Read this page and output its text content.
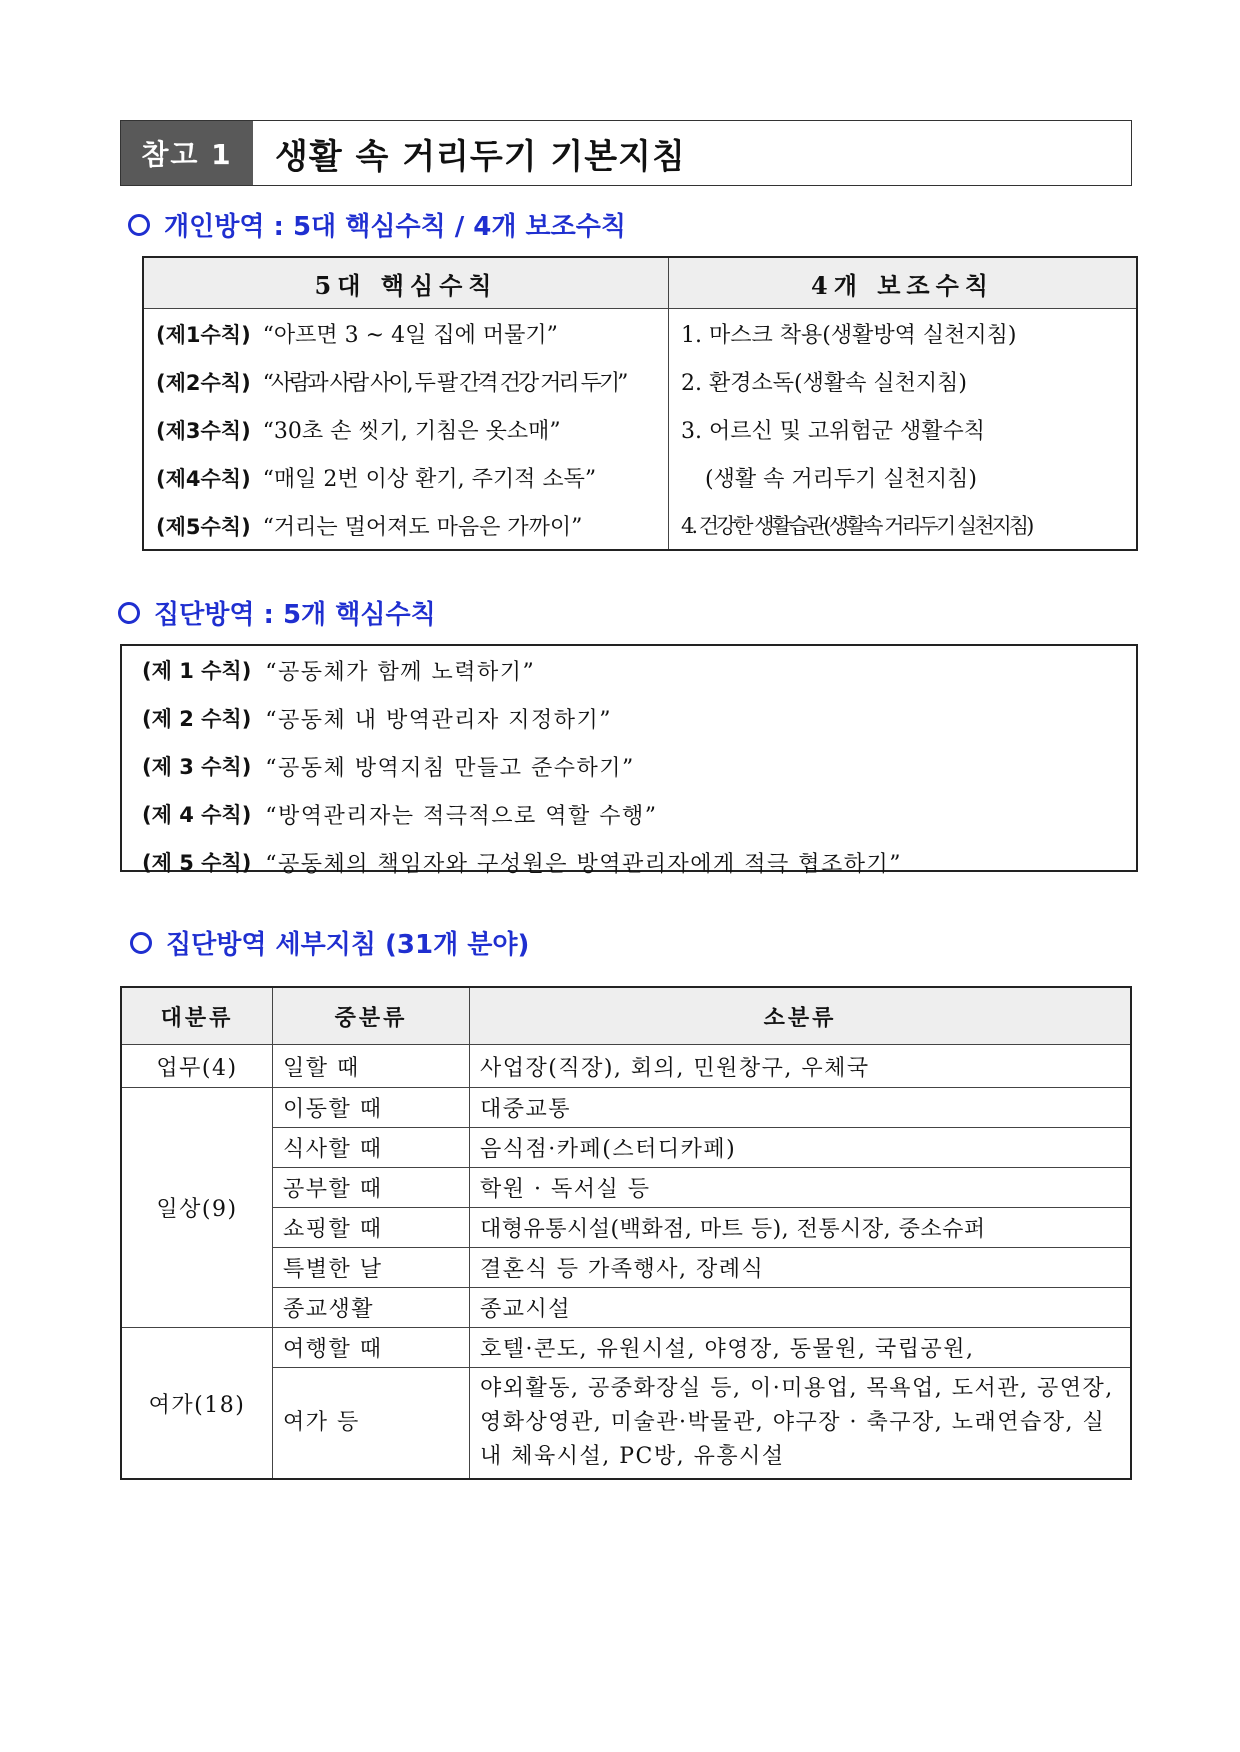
참고 1	생활 속 거리두기 기본지침
개인방역 : 5대 핵심수칙 / 4개 보조수칙
5대 핵심수칙	4개 보조수칙
(제1수칙) “아프면 3 ~ 4일 집에 머물기”	1. 마스크 착용(생활방역 실천지침)
(제2수칙) “사람과 사람 사이, 두 팔 간격 건강 거리 두기”	2. 환경소독(생활속 실천지침)
(제3수칙) “30초 손 씻기, 기침은 옷소매”	3. 어르신 및 고위험군 생활수칙
(제4수칙) “매일 2번 이상 환기, 주기적 소독”	(생활 속 거리두기 실천지침)
(제5수칙) “거리는 멀어져도 마음은 가까이”	4. 건강한 생활습관(생활속 거리두기 실천지침)
집단방역 : 5개 핵심수칙
(제 1 수칙) “공동체가 함께 노력하기”
(제 2 수칙) “공동체 내 방역관리자 지정하기”
(제 3 수칙) “공동체 방역지침 만들고 준수하기”
(제 4 수칙) “방역관리자는 적극적으로 역할 수행”
(제 5 수칙) “공동체의 책임자와 구성원은 방역관리자에게 적극 협조하기”
집단방역 세부지침 (31개 분야)
대분류	중분류	소분류
업무(4)	일할 때	사업장(직장), 회의, 민원창구, 우체국
일상(9)	이동할 때	대중교통
	식사할 때	음식점·카페(스터디카페)
	공부할 때	학원 · 독서실 등
	쇼핑할 때	대형유통시설(백화점, 마트 등), 전통시장, 중소슈퍼
	특별한 날	결혼식 등 가족행사, 장례식
	종교생활	종교시설
여가(18)	여행할 때	호텔·콘도, 유원시설, 야영장, 동물원, 국립공원,
	여가 등	야외활동, 공중화장실 등, 이·미용업, 목욕업, 도서관, 공연장, 영화상영관, 미술관·박물관, 야구장 · 축구장, 노래연습장, 실내 체육시설, PC방, 유흥시설
